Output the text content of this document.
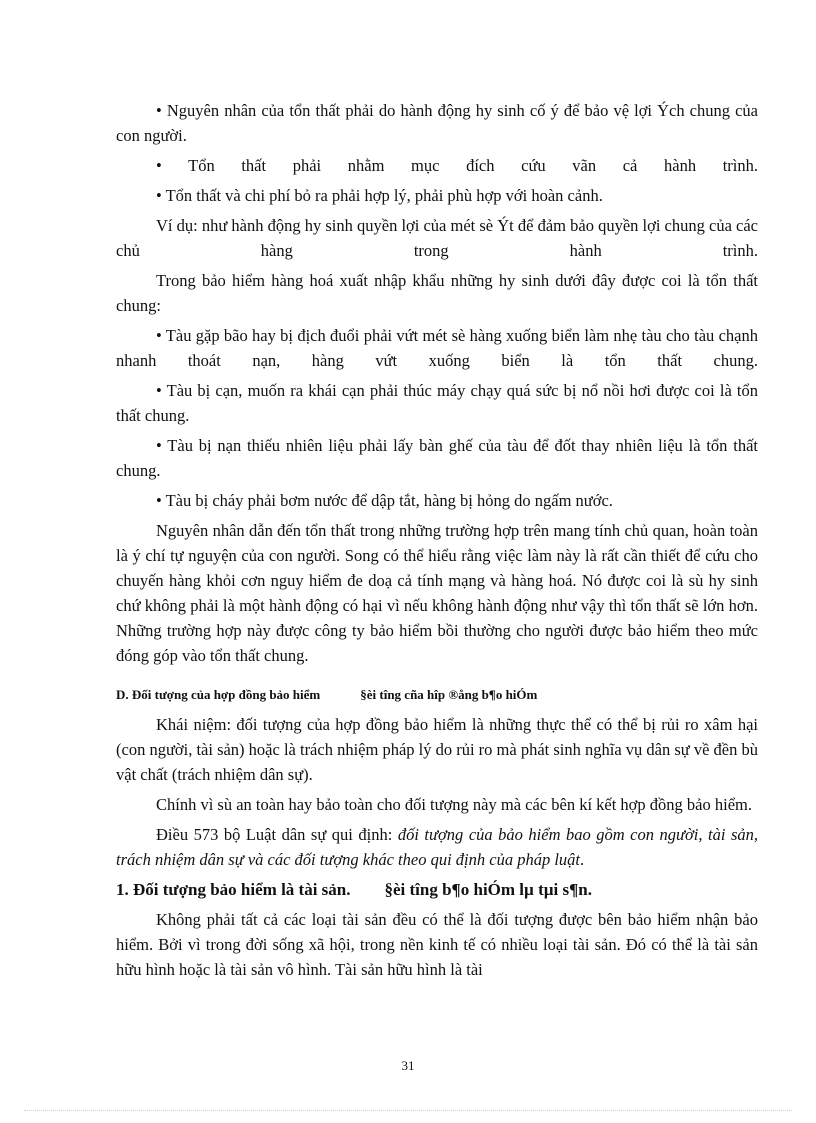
• Nguyên nhân của tổn thất phải do hành động hy sinh cố ý để bảo vệ lợi Ých chung của con người.

• Tổn thất phải nhằm mục đích cứu vãn cả hành trình.

• Tổn thất và chi phí bỏ ra phải hợp lý, phải phù hợp với hoàn cảnh.

Ví dụ: như hành động hy sinh quyền lợi của mét sè Ýt để đảm bảo quyền lợi chung của các chủ hàng trong hành trình.

Trong bảo hiểm hàng hoá xuất nhập khẩu những hy sinh dưới đây được coi là tổn thất chung:

• Tàu gặp bão hay bị địch đuổi phải vứt mét sè hàng xuống biển làm nhẹ tàu cho tàu chạnh nhanh thoát nạn, hàng vứt xuống biển là tổn thất chung.

• Tàu bị cạn, muốn ra khái cạn phải thúc máy chạy quá sức bị nổ nồi hơi được coi là tổn thất chung.

• Tàu bị nạn thiếu nhiên liệu phải lấy bàn ghế của tàu để đốt thay nhiên liệu là tổn thất chung.

• Tàu bị cháy phải bơm nước để dập tắt, hàng bị hỏng do ngấm nước.

Nguyên nhân dẫn đến tổn thất trong những trường hợp trên mang tính chủ quan, hoàn toàn là ý chí tự nguyện của con người. Song có thể hiểu rằng việc làm này là rất cần thiết để cứu cho chuyến hàng khỏi cơn nguy hiểm đe doạ cả tính mạng và hàng hoá. Nó được coi là sù hy sinh chứ không phải là một hành động có hại vì nếu không hành động như vậy thì tổn thất sẽ lớn hơn. Những trường hợp này được công ty bảo hiểm bồi thường cho người được bảo hiểm theo mức đóng góp vào tổn thất chung.

D. Đối tượng của hợp đồng bảo hiểm	§èi tîng cña hîp ®ång b¶o hiÓm

Khái niệm: đối tượng của hợp đồng bảo hiểm là những thực thể có thể bị rủi ro xâm hại (con người, tài sản) hoặc là trách nhiệm pháp lý do rủi ro mà phát sinh nghĩa vụ dân sự về đền bù vật chất (trách nhiệm dân sự).

Chính vì sù an toàn hay bảo toàn cho đối tượng này mà các bên kí kết hợp đồng bảo hiểm.

Điều 573 bộ Luật dân sự qui định: đối tượng của bảo hiểm bao gồm con người, tài sản, trách nhiệm dân sự và các đối tượng khác theo qui định của pháp luật.

1. Đối tượng bảo hiểm là tài sản. §èi tîng b¶o hiÓm lµ tµi s¶n.

Không phải tất cả các loại tài sản đều có thể là đối tượng được bên bảo hiểm nhận bảo hiểm. Bởi vì trong đời sống xã hội, trong nền kinh tế có nhiều loại tài sản. Đó có thể là tài sản hữu hình hoặc là tài sản vô hình. Tài sản hữu hình là tài

31
